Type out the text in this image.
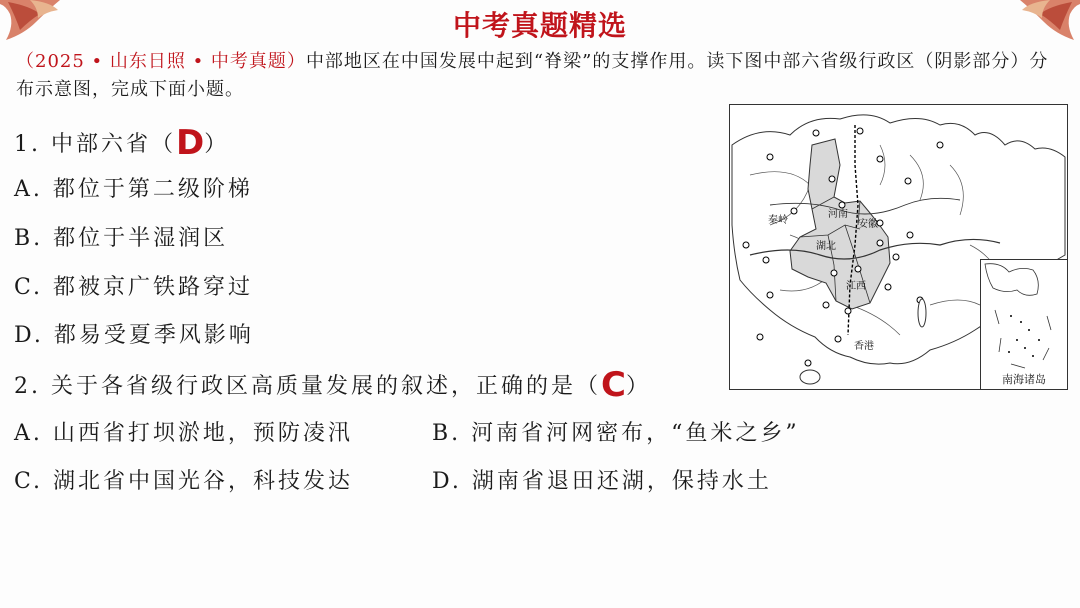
中考真题精选
（2025 • 山东日照 • 中考真题）中部地区在中国发展中起到“脊梁”的支撑作用。读下图中部六省级行政区（阴影部分）分布示意图，完成下面小题。
1. 中部六省（D）
A. 都位于第二级阶梯
B. 都位于半湿润区
C. 都被京广铁路穿过
D. 都易受夏季风影响
2. 关于各省级行政区高质量发展的叙述，正确的是（C）
A. 山西省打坝淤地，预防凌汛	B. 河南省河网密布，“鱼米之乡”
C. 湖北省中国光谷，科技发达	D. 湖南省退田还湖，保持水土
秦岭
河南
安徽
湖北
江西
香港
南海诸岛
